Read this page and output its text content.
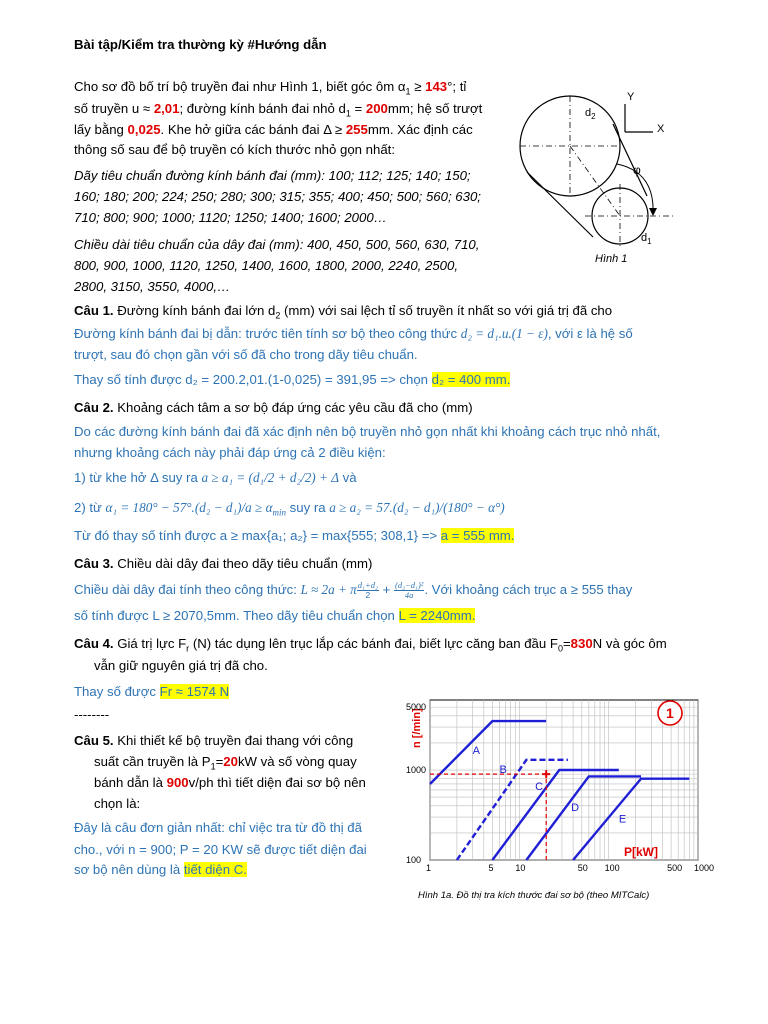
Bài tập/Kiểm tra thường kỳ #Hướng dẫn
Cho sơ đồ bố trí bộ truyền đai như Hình 1, biết góc ôm $\alpha_1 \ge 143^\circ$; tỉ
số truyền u ≈ 2,01; đường kính bánh đai nhỏ $d_1 = 200mm$; hệ số trượt
lấy bằng 0,025. Khe hở giữa các bánh đai Δ ≥ 255mm. Xác định các
thông số sau để bộ truyền có kích thước nhỏ gọn nhất:
Dãy tiêu chuẩn đường kính bánh đai (mm): 100; 112; 125; 140; 150;
160; 180; 200; 224; 250; 280; 300; 315; 355; 400; 450; 500; 560; 630;
710; 800; 900; 1000; 1120; 1250; 1400; 1600; 2000…
Chiều dài tiêu chuẩn của dây đai (mm): 400, 450, 500, 560, 630, 710,
800, 900, 1000, 1120, 1250, 1400, 1600, 1800, 2000, 2240, 2500,
2800, 3150, 3550, 4000,…
$d_2$
Y
X
φ
$d_1$
Hình 1
Câu 1. Đường kính bánh đai lớn $d_2$ (mm) với sai lệch tỉ số truyền ít nhất so với giá trị đã cho
Đường kính bánh đai bị dẫn: trước tiên tính sơ bộ theo công thức d₂ = d₁.u.(1 − ε), với ε là hệ số
trượt, sau đó chọn gần với số đã cho trong dãy tiêu chuẩn.
Thay số tính được d₂ = 200.2,01.(1-0,025) = 391,95 => chọn d₂ = 400 mm.
Câu 2. Khoảng cách tâm a sơ bộ đáp ứng các yêu cầu đã cho (mm)
Do các đường kính bánh đai đã xác định nên bộ truyền nhỏ gọn nhất khi khoảng cách trục nhỏ nhất,
nhưng khoảng cách này phải đáp ứng cả 2 điều kiện:
1) từ khe hở Δ suy ra a ≥ a₁ = (d₁/2 + d₂/2) + Δ và
2) từ $\alpha_1 = 180^\circ - 57^\circ.(d_2 - d_1)/a \ge \alpha_{min}$ suy ra a ≥ a₂ = 57.(d₂ − d₁)/(180° − α°)
Từ đó thay số tính được a ≥ max{a₁; a₂} = max{555; 308,1} => a = 555 mm.
Câu 3. Chiều dài dây đai theo dãy tiêu chuẩn (mm)
Chiều dài dây đai tính theo công thức: L ≈ 2a + π $\frac{\text{d₁+d₂}}{2} + \frac{\text{(d₂−d₁)²}}{4a}$ . Với khoảng cách trục a ≥ 555 thay
số tính được L ≥ 2070,5mm. Theo dãy tiêu chuẩn chọn L = 2240mm.
Câu 4. Giá trị lực $F_r$ (N) tác dụng lên trục lắp các bánh đai, biết lực căng ban đầu $F_0=830N$ và góc ôm
vẫn giữ nguyên giá trị đã cho.
Thay số được Fr ≈ 1574 N
--------
Câu 5. Khi thiết kế bộ truyền đai thang với công
suất cần truyền là $P_1=20kW$ và số vòng quay
bánh dẫn là 900v/ph thì tiết diện đai sơ bộ nên
chọn là:
Đây là câu đơn giản nhất: chỉ việc tra từ đồ thị đã
cho., với n = 900; P = 20 KW sẽ được tiết diện đai
sơ bộ nên dùng là tiết diện C.
A
B
C
D
E
1
n [/min]
P[kW]
5000
1000
100
1	5 10	50 100	500 1000
Hình 1a. Đồ thị tra kích thước đai sơ bộ (theo MITCalc)
